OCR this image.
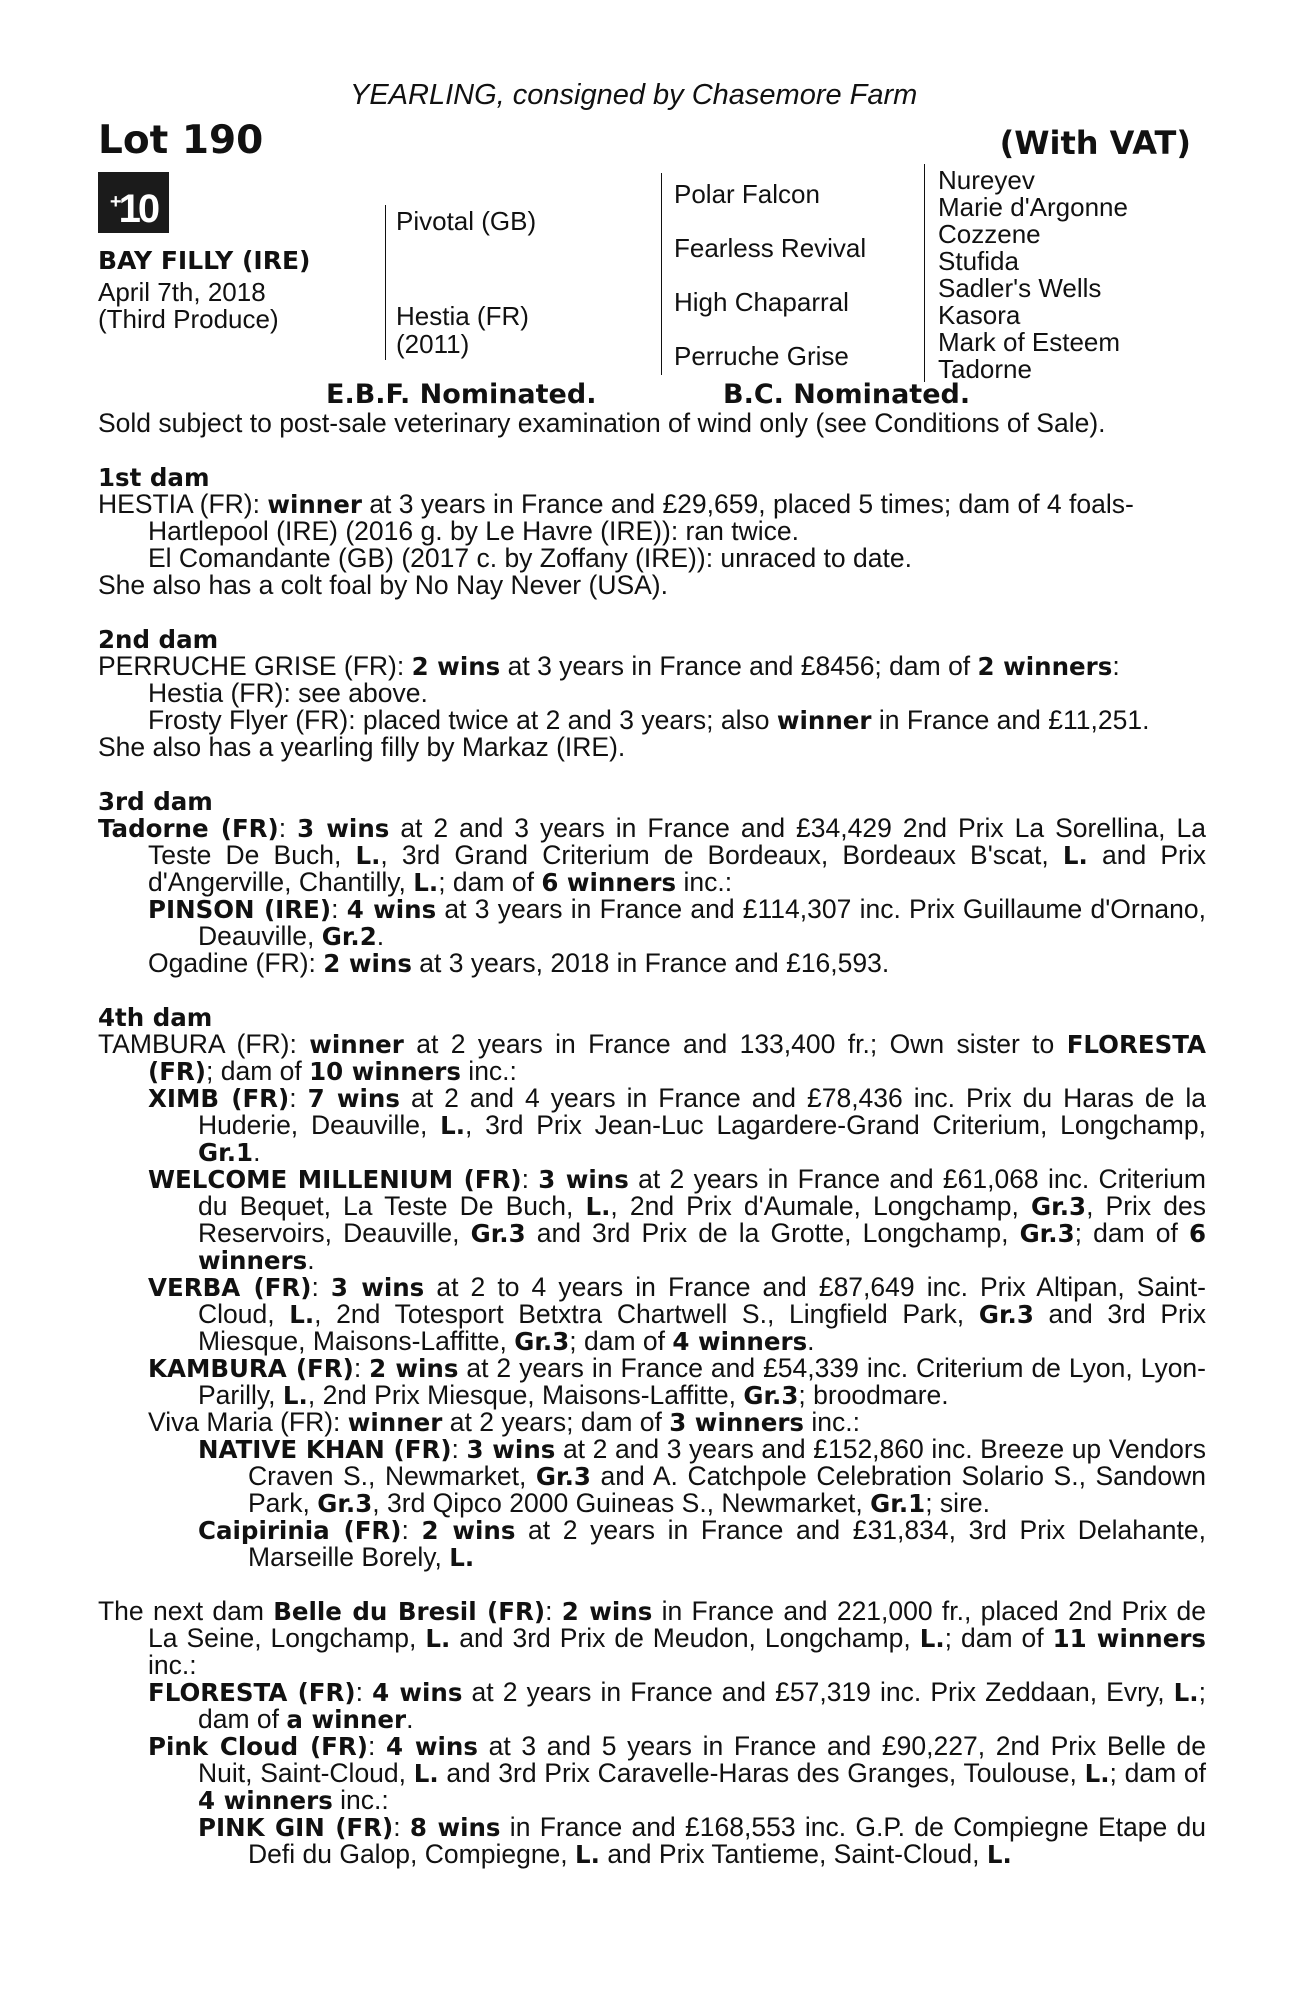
YEARLING, consigned by Chasemore Farm
Lot 190	(With VAT)
+10
BAY FILLY (IRE)
April 7th, 2018
(Third Produce)
Pivotal (GB)
Hestia (FR)
(2011)
Polar Falcon
Fearless Revival
High Chaparral
Perruche Grise
Nureyev
Marie d'Argonne
Cozzene
Stufida
Sadler's Wells
Kasora
Mark of Esteem
Tadorne
E.B.F. Nominated.	B.C. Nominated.

Sold subject to post-sale veterinary examination of wind only (see Conditions of Sale).

1st dam

HESTIA (FR): winner at 3 years in France and £29,659, placed 5 times; dam of 4 foals-

Hartlepool (IRE) (2016 g. by Le Havre (IRE)): ran twice.

El Comandante (GB) (2017 c. by Zoffany (IRE)): unraced to date.

She also has a colt foal by No Nay Never (USA).

2nd dam

PERRUCHE GRISE (FR): 2 wins at 3 years in France and £8456; dam of 2 winners:

Hestia (FR): see above.

Frosty Flyer (FR): placed twice at 2 and 3 years; also winner in France and £11,251.

She also has a yearling filly by Markaz (IRE).

3rd dam

Tadorne (FR): 3 wins at 2 and 3 years in France and £34,429 2nd Prix La Sorellina, La Teste De Buch, L., 3rd Grand Criterium de Bordeaux, Bordeaux B'scat, L. and Prix d'Angerville, Chantilly, L.; dam of 6 winners inc.:

PINSON (IRE): 4 wins at 3 years in France and £114,307 inc. Prix Guillaume d'Ornano, Deauville, Gr.2.

Ogadine (FR): 2 wins at 3 years, 2018 in France and £16,593.

4th dam

TAMBURA (FR): winner at 2 years in France and 133,400 fr.; Own sister to FLORESTA (FR); dam of 10 winners inc.:

XIMB (FR): 7 wins at 2 and 4 years in France and £78,436 inc. Prix du Haras de la Huderie, Deauville, L., 3rd Prix Jean-Luc Lagardere-Grand Criterium, Longchamp, Gr.1.

WELCOME MILLENIUM (FR): 3 wins at 2 years in France and £61,068 inc. Criterium du Bequet, La Teste De Buch, L., 2nd Prix d'Aumale, Longchamp, Gr.3, Prix des Reservoirs, Deauville, Gr.3 and 3rd Prix de la Grotte, Longchamp, Gr.3; dam of 6 winners.

VERBA (FR): 3 wins at 2 to 4 years in France and £87,649 inc. Prix Altipan, Saint-Cloud, L., 2nd Totesport Betxtra Chartwell S., Lingfield Park, Gr.3 and 3rd Prix Miesque, Maisons-Laffitte, Gr.3; dam of 4 winners.

KAMBURA (FR): 2 wins at 2 years in France and £54,339 inc. Criterium de Lyon, Lyon-Parilly, L., 2nd Prix Miesque, Maisons-Laffitte, Gr.3; broodmare.

Viva Maria (FR): winner at 2 years; dam of 3 winners inc.:

NATIVE KHAN (FR): 3 wins at 2 and 3 years and £152,860 inc. Breeze up Vendors Craven S., Newmarket, Gr.3 and A. Catchpole Celebration Solario S., Sandown Park, Gr.3, 3rd Qipco 2000 Guineas S., Newmarket, Gr.1; sire.

Caipirinia (FR): 2 wins at 2 years in France and £31,834, 3rd Prix Delahante, Marseille Borely, L.

The next dam Belle du Bresil (FR): 2 wins in France and 221,000 fr., placed 2nd Prix de La Seine, Longchamp, L. and 3rd Prix de Meudon, Longchamp, L.; dam of 11 winners inc.:

FLORESTA (FR): 4 wins at 2 years in France and £57,319 inc. Prix Zeddaan, Evry, L.; dam of a winner.

Pink Cloud (FR): 4 wins at 3 and 5 years in France and £90,227, 2nd Prix Belle de Nuit, Saint-Cloud, L. and 3rd Prix Caravelle-Haras des Granges, Toulouse, L.; dam of 4 winners inc.:

PINK GIN (FR): 8 wins in France and £168,553 inc. G.P. de Compiegne Etape du Defi du Galop, Compiegne, L. and Prix Tantieme, Saint-Cloud, L.
